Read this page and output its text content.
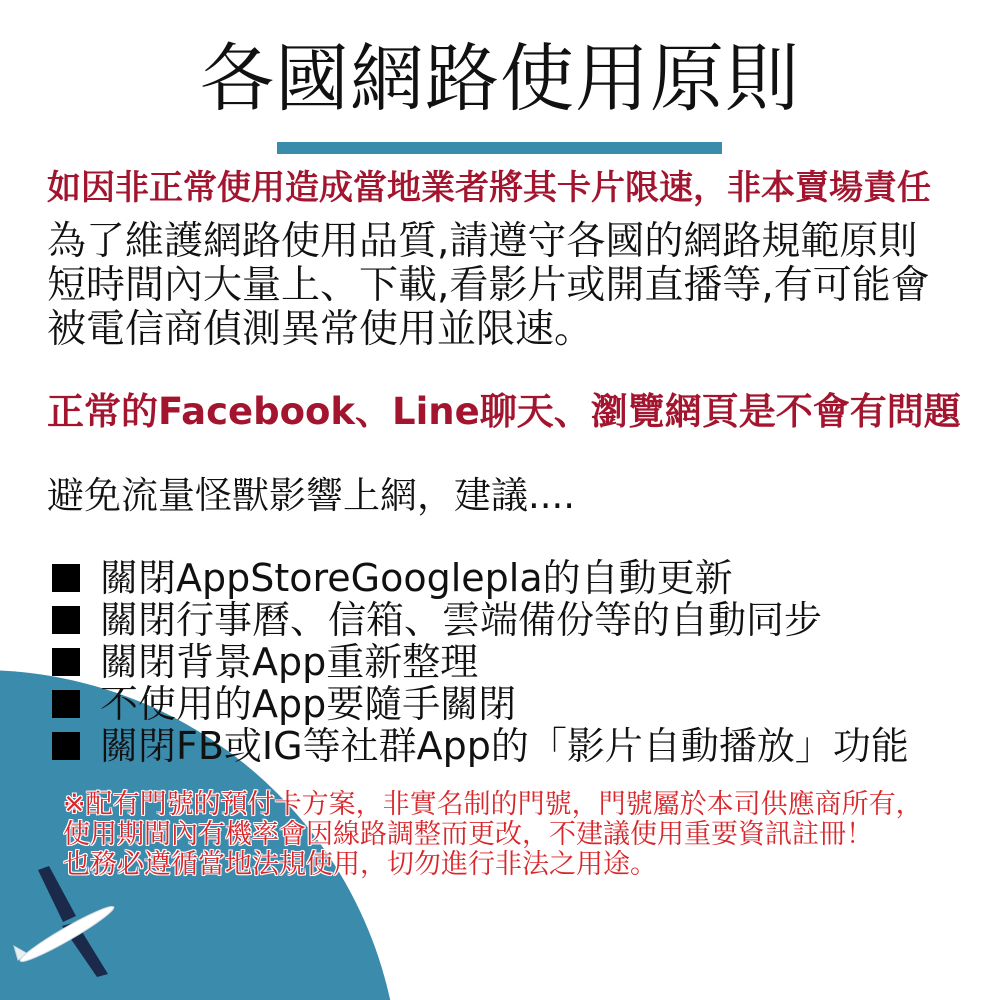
各國網路使用原則
如因非正常使用造成當地業者將其卡片限速，非本賣場責任
為了維護網路使用品質,請遵守各國的網路規範原則
短時間內大量上、下載,看影片或開直播等,有可能會
被電信商偵測異常使用並限速。
正常的Facebook、Line聊天、瀏覽網頁是不會有問題
避免流量怪獸影響上網，建議....
關閉AppStoreGooglepla的自動更新
關閉行事曆、信箱、雲端備份等的自動同步
關閉背景App重新整理
不使用的App要隨手關閉
關閉FB或IG等社群App的「影片自動播放」功能
※配有門號的預付卡方案，非實名制的門號，門號屬於本司供應商所有，
使用期間內有機率會因線路調整而更改，不建議使用重要資訊註冊！
也務必遵循當地法規使用，切勿進行非法之用途。
